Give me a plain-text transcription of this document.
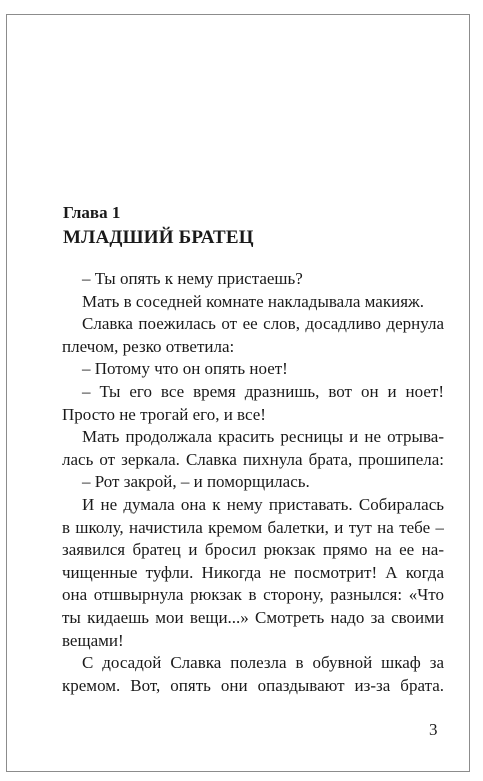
Глава 1
МЛАДШИЙ БРАТЕЦ
– Ты опять к нему пристаешь?
Мать в соседней комнате накладывала макияж.
Славка поежилась от ее слов, досадливо дернула
плечом, резко ответила:
– Потому что он опять ноет!
– Ты его все время дразнишь, вот он и ноет!
Просто не трогай его, и все!
Мать продолжала красить ресницы и не отрыва-
лась от зеркала. Славка пихнула брата, прошипела:
– Рот закрой, – и поморщилась.
И не думала она к нему приставать. Собиралась
в школу, начистила кремом балетки, и тут на тебе –
заявился братец и бросил рюкзак прямо на ее на-
чищенные туфли. Никогда не посмотрит! А когда
она отшвырнула рюкзак в сторону, разнылся: «Что
ты кидаешь мои вещи...» Смотреть надо за своими
вещами!
С досадой Славка полезла в обувной шкаф за
кремом. Вот, опять они опаздывают из-за брата.
3
